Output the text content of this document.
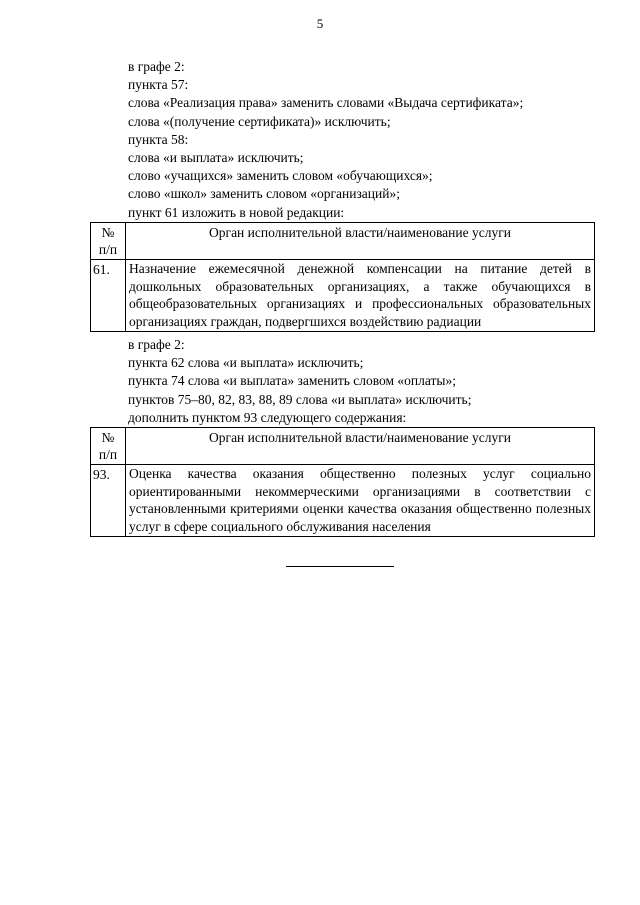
5
в графе 2:
пункта 57:
слова «Реализация права» заменить словами «Выдача сертификата»;
слова «(получение сертификата)» исключить;
пункта 58:
слова «и выплата» исключить;
слово «учащихся» заменить словом «обучающихся»;
слово «школ» заменить словом «организаций»;
пункт 61 изложить в новой редакции:
№
п/п	Орган исполнительной власти/наименование услуги
61.	Назначение ежемесячной денежной компенсации на питание детей в дошкольных образовательных организациях, а также обучающихся в общеобразовательных организациях и профессиональных образовательных организациях граждан, подвергшихся воздействию радиации
в графе 2:
пункта 62 слова «и выплата» исключить;
пункта 74 слова «и выплата» заменить словом «оплаты»;
пунктов 75–80, 82, 83, 88, 89 слова «и выплата» исключить;
дополнить пунктом 93 следующего содержания:
№
п/п	Орган исполнительной власти/наименование услуги
93.	Оценка качества оказания общественно полезных услуг социально ориентированными некоммерческими организациями в соответствии с установленными критериями оценки качества оказания общественно полезных услуг в сфере социального обслуживания населения
